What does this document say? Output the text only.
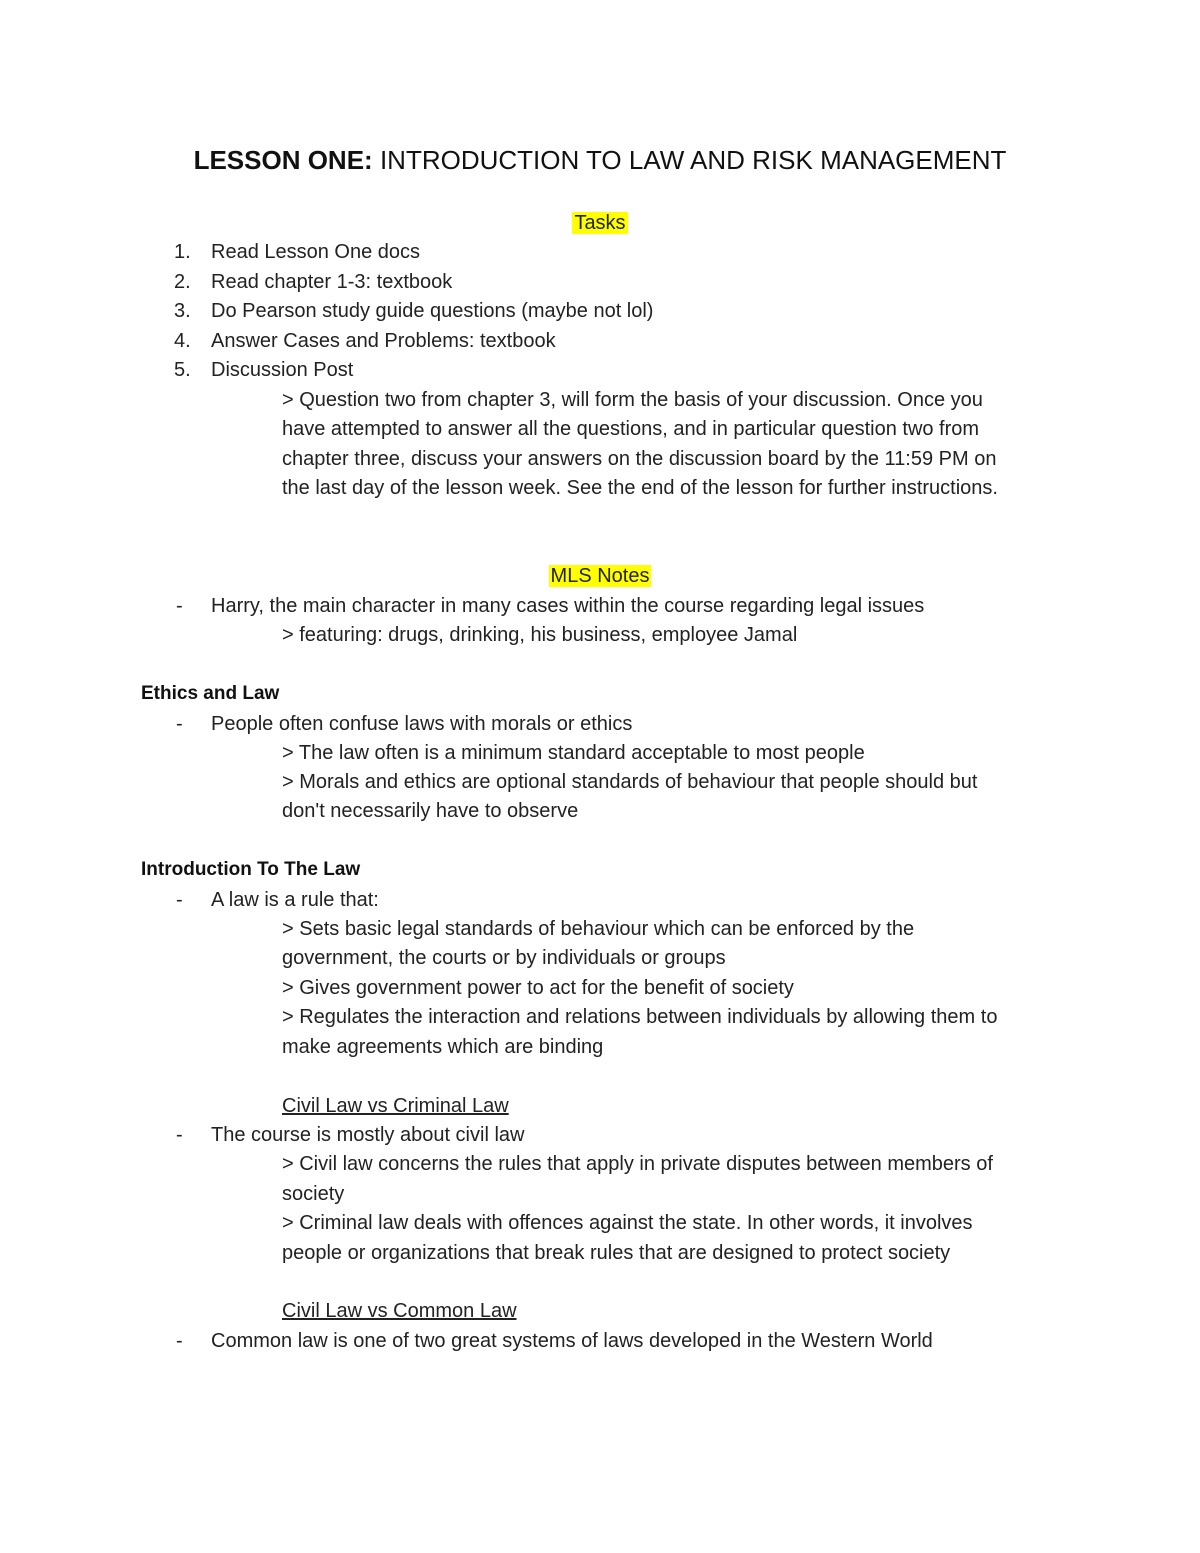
LESSON ONE: INTRODUCTION TO LAW AND RISK MANAGEMENT
Tasks
1. Read Lesson One docs
2. Read chapter 1-3: textbook
3. Do Pearson study guide questions (maybe not lol)
4. Answer Cases and Problems: textbook
5. Discussion Post
> Question two from chapter 3, will form the basis of your discussion. Once you
have attempted to answer all the questions, and in particular question two from
chapter three, discuss your answers on the discussion board by the 11:59 PM on
the last day of the lesson week. See the end of the lesson for further instructions.
MLS Notes
- Harry, the main character in many cases within the course regarding legal issues
> featuring: drugs, drinking, his business, employee Jamal
Ethics and Law
- People often confuse laws with morals or ethics
> The law often is a minimum standard acceptable to most people
> Morals and ethics are optional standards of behaviour that people should but
don't necessarily have to observe
Introduction To The Law
- A law is a rule that:
> Sets basic legal standards of behaviour which can be enforced by the
government, the courts or by individuals or groups
> Gives government power to act for the benefit of society
> Regulates the interaction and relations between individuals by allowing them to
make agreements which are binding
Civil Law vs Criminal Law
- The course is mostly about civil law
> Civil law concerns the rules that apply in private disputes between members of
society
> Criminal law deals with offences against the state. In other words, it involves
people or organizations that break rules that are designed to protect society
Civil Law vs Common Law
- Common law is one of two great systems of laws developed in the Western World
